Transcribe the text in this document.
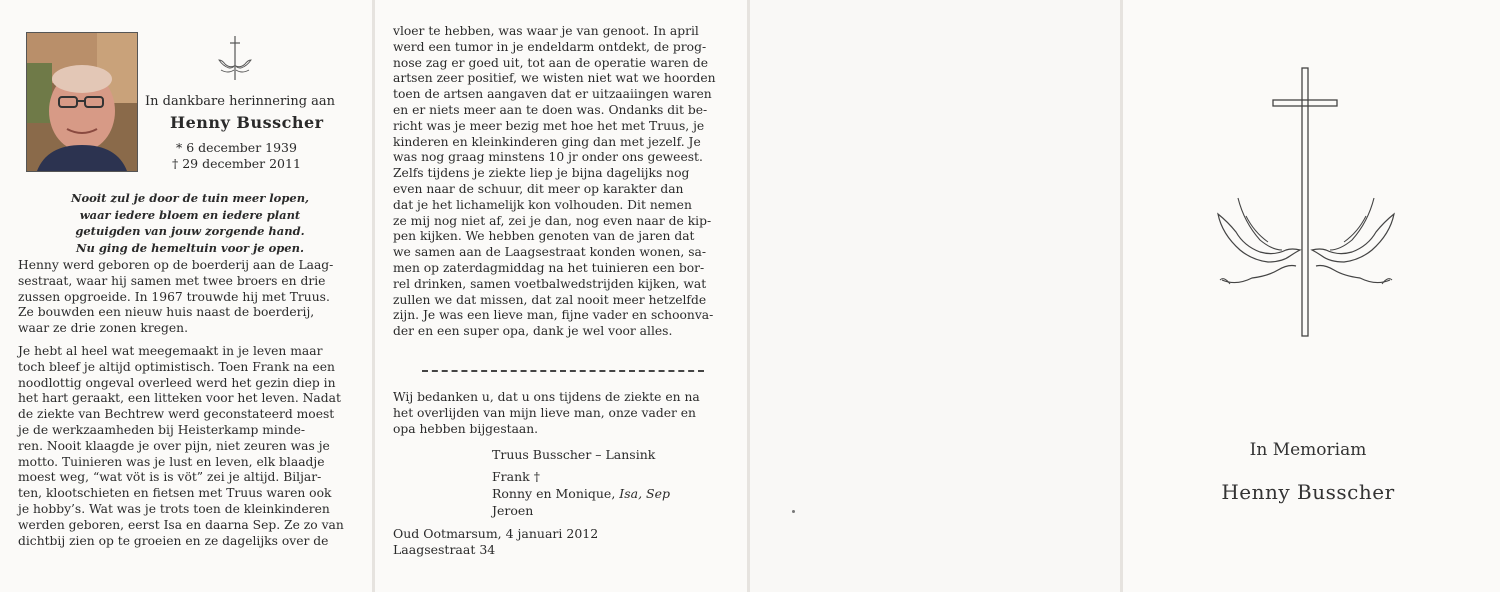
In dankbare herinnering aan
Henny Busscher
* 6 december 1939
† 29 december 2011
Nooit zul je door de tuin meer lopen,
waar iedere bloem en iedere plant
getuigden van jouw zorgende hand.
Nu ging de hemeltuin voor je open.
Henny werd geboren op de boerderij aan de Laag-
sestraat, waar hij samen met twee broers en drie
zussen opgroeide. In 1967 trouwde hij met Truus.
Ze bouwden een nieuw huis naast de boerderij,
waar ze drie zonen kregen.
Je hebt al heel wat meegemaakt in je leven maar
toch bleef je altijd optimistisch. Toen Frank na een
noodlottig ongeval overleed werd het gezin diep in
het hart geraakt, een litteken voor het leven. Nadat
de ziekte van Bechtrew werd geconstateerd moest
je de werkzaamheden bij Heisterkamp minde-
ren. Nooit klaagde je over pijn, niet zeuren was je
motto. Tuinieren was je lust en leven, elk blaadje
moest weg, “wat vöt is is vöt” zei je altijd. Biljar-
ten, klootschieten en fietsen met Truus waren ook
je hobby’s. Wat was je trots toen de kleinkinderen
werden geboren, eerst Isa en daarna Sep. Ze zo van
dichtbij zien op te groeien en ze dagelijks over de
vloer te hebben, was waar je van genoot. In april
werd een tumor in je endeldarm ontdekt, de prog-
nose zag er goed uit, tot aan de operatie waren de
artsen zeer positief, we wisten niet wat we hoorden
toen de artsen aangaven dat er uitzaaiingen waren
en er niets meer aan te doen was. Ondanks dit be-
richt was je meer bezig met hoe het met Truus, je
kinderen en kleinkinderen ging dan met jezelf. Je
was nog graag minstens 10 jr onder ons geweest.
Zelfs tijdens je ziekte liep je bijna dagelijks nog
even naar de schuur, dit meer op karakter dan
dat je het lichamelijk kon volhouden. Dit nemen
ze mij nog niet af, zei je dan, nog even naar de kip-
pen kijken. We hebben genoten van de jaren dat
we samen aan de Laagsestraat konden wonen, sa-
men op zaterdagmiddag na het tuinieren een bor-
rel drinken, samen voetbalwedstrijden kijken, wat
zullen we dat missen, dat zal nooit meer hetzelfde
zijn. Je was een lieve man, fijne vader en schoonva-
der en een super opa, dank je wel voor alles.
Wij bedanken u, dat u ons tijdens de ziekte en na
het overlijden van mijn lieve man, onze vader en
opa hebben bijgestaan.
Truus Busscher – Lansink
Frank †
Ronny en Monique, Isa, Sep
Jeroen
Oud Ootmarsum, 4 januari 2012
Laagsestraat 34
In Memoriam
Henny Busscher
